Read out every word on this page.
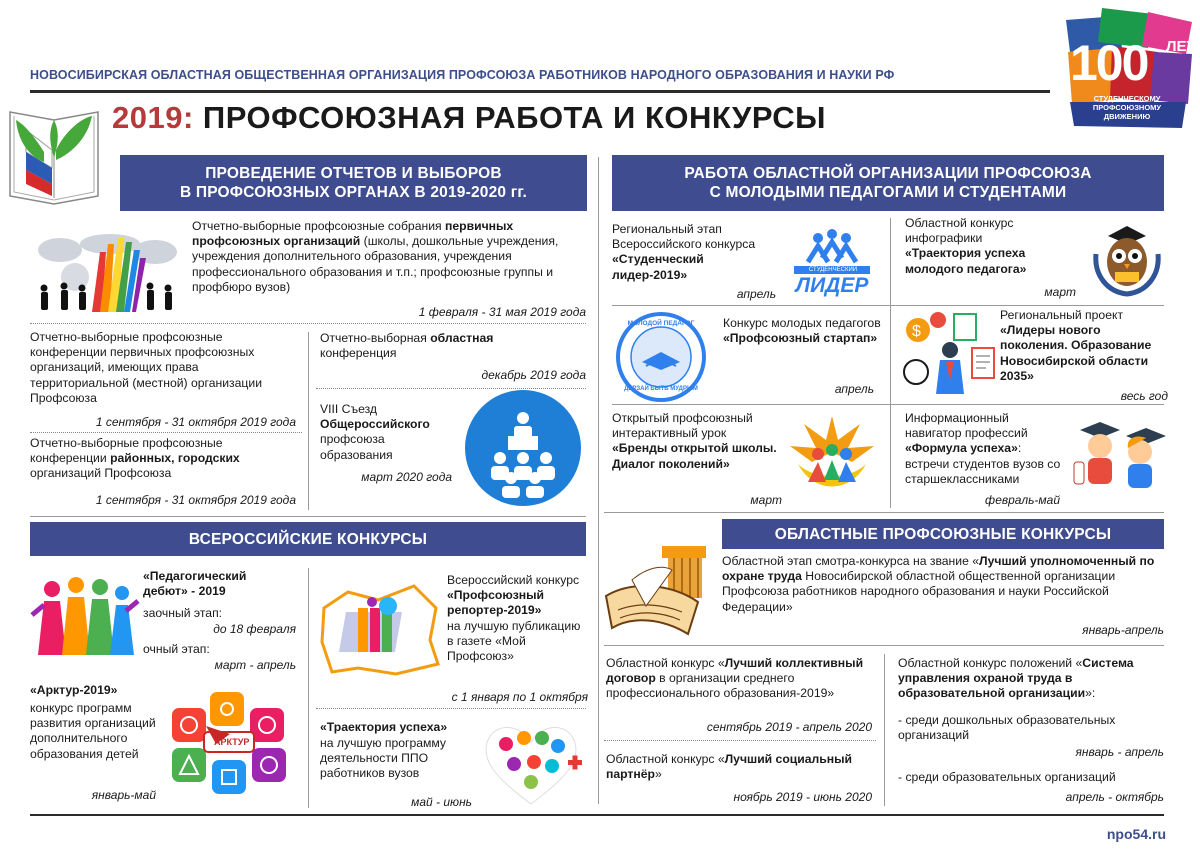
НОВОСИБИРСКАЯ ОБЛАСТНАЯ ОБЩЕСТВЕННАЯ ОРГАНИЗАЦИЯ ПРОФСОЮЗА РАБОТНИКОВ НАРОДНОГО ОБРАЗОВАНИЯ И НАУКИ РФ
2019: ПРОФСОЮЗНАЯ РАБОТА И КОНКУРСЫ
100 ЛЕТ
СТУДЕНЧЕСКОМУ
ПРОФСОЮЗНОМУ
ДВИЖЕНИЮ
ПРОВЕДЕНИЕ ОТЧЕТОВ И ВЫБОРОВ
В ПРОФСОЮЗНЫХ ОРГАНАХ В 2019-2020 гг.
Отчетно-выборные профсоюзные собрания первичных профсоюзных организаций (школы, дошкольные учреждения, учреждения дополнительного образования, учреждения профессионального образования и т.п.; профсоюзные группы и профбюро вузов)
1 февраля - 31 мая 2019 года
Отчетно-выборные профсоюзные конференции первичных профсоюзных организаций, имеющих права территориальной (местной) организации Профсоюза
1 сентября - 31 октября 2019 года
Отчетно-выборные профсоюзные конференции районных, городских организаций Профсоюза
1 сентября - 31 октября 2019 года
Отчетно-выборная областная конференция
декабрь 2019 года
VIII Съезд Общероссийского профсоюза образования
март 2020 года
ВСЕРОССИЙСКИЕ КОНКУРСЫ
«Педагогический дебют» - 2019
заочный этап:
до 18 февраля
очный этап:
март - апрель
Всероссийский конкурс
«Профсоюзный репортер-2019»
на лучшую публикацию в газете «Мой Профсоюз»
с 1 января по 1 октября
«Арктур-2019»
конкурс программ развития организаций дополнительного образования детей
январь-май
АРКТУР
«Траектория успеха»
на лучшую программу деятельности ППО работников вузов
май - июнь
РАБОТА ОБЛАСТНОЙ ОРГАНИЗАЦИИ ПРОФСОЮЗА
С МОЛОДЫМИ ПЕДАГОГАМИ И СТУДЕНТАМИ
Региональный этап Всероссийского конкурса
«Студенческий лидер-2019»
апрель
СТУДЕНЧЕСКИЙ
ЛИДЕР
Областной конкурс инфографики
«Траектория успеха молодого педагога»
март
МОЛОДОЙ ПЕДАГОГ
ДЕРЗАЙ БЫТЬ МУДРЫМ
Конкурс молодых педагогов
«Профсоюзный стартап»
апрель
$
Региональный проект
«Лидеры нового поколения. Образование Новосибирской области 2035»
весь год
Открытый профсоюзный интерактивный урок
«Бренды открытой школы. Диалог поколений»
март
Информационный навигатор профессий «Формула успеха»: встречи студентов вузов со старшеклассниками
февраль-май
ОБЛАСТНЫЕ ПРОФСОЮЗНЫЕ КОНКУРСЫ
Областной этап смотра-конкурса на звание «Лучший уполномоченный по охране труда Новосибирской областной общественной организации Профсоюза работников народного образования и науки Российской Федерации»
январь-апрель
Областной конкурс «Лучший коллективный договор в организации среднего профессионального образования-2019»
сентябрь 2019 - апрель 2020
Областной конкурс «Лучший социальный партнёр»
ноябрь 2019 - июнь 2020
Областной конкурс положений «Система управления охраной труда в образовательной организации»:
- среди дошкольных образовательных организаций
январь - апрель
- среди образовательных организаций
апрель - октябрь
npo54.ru
